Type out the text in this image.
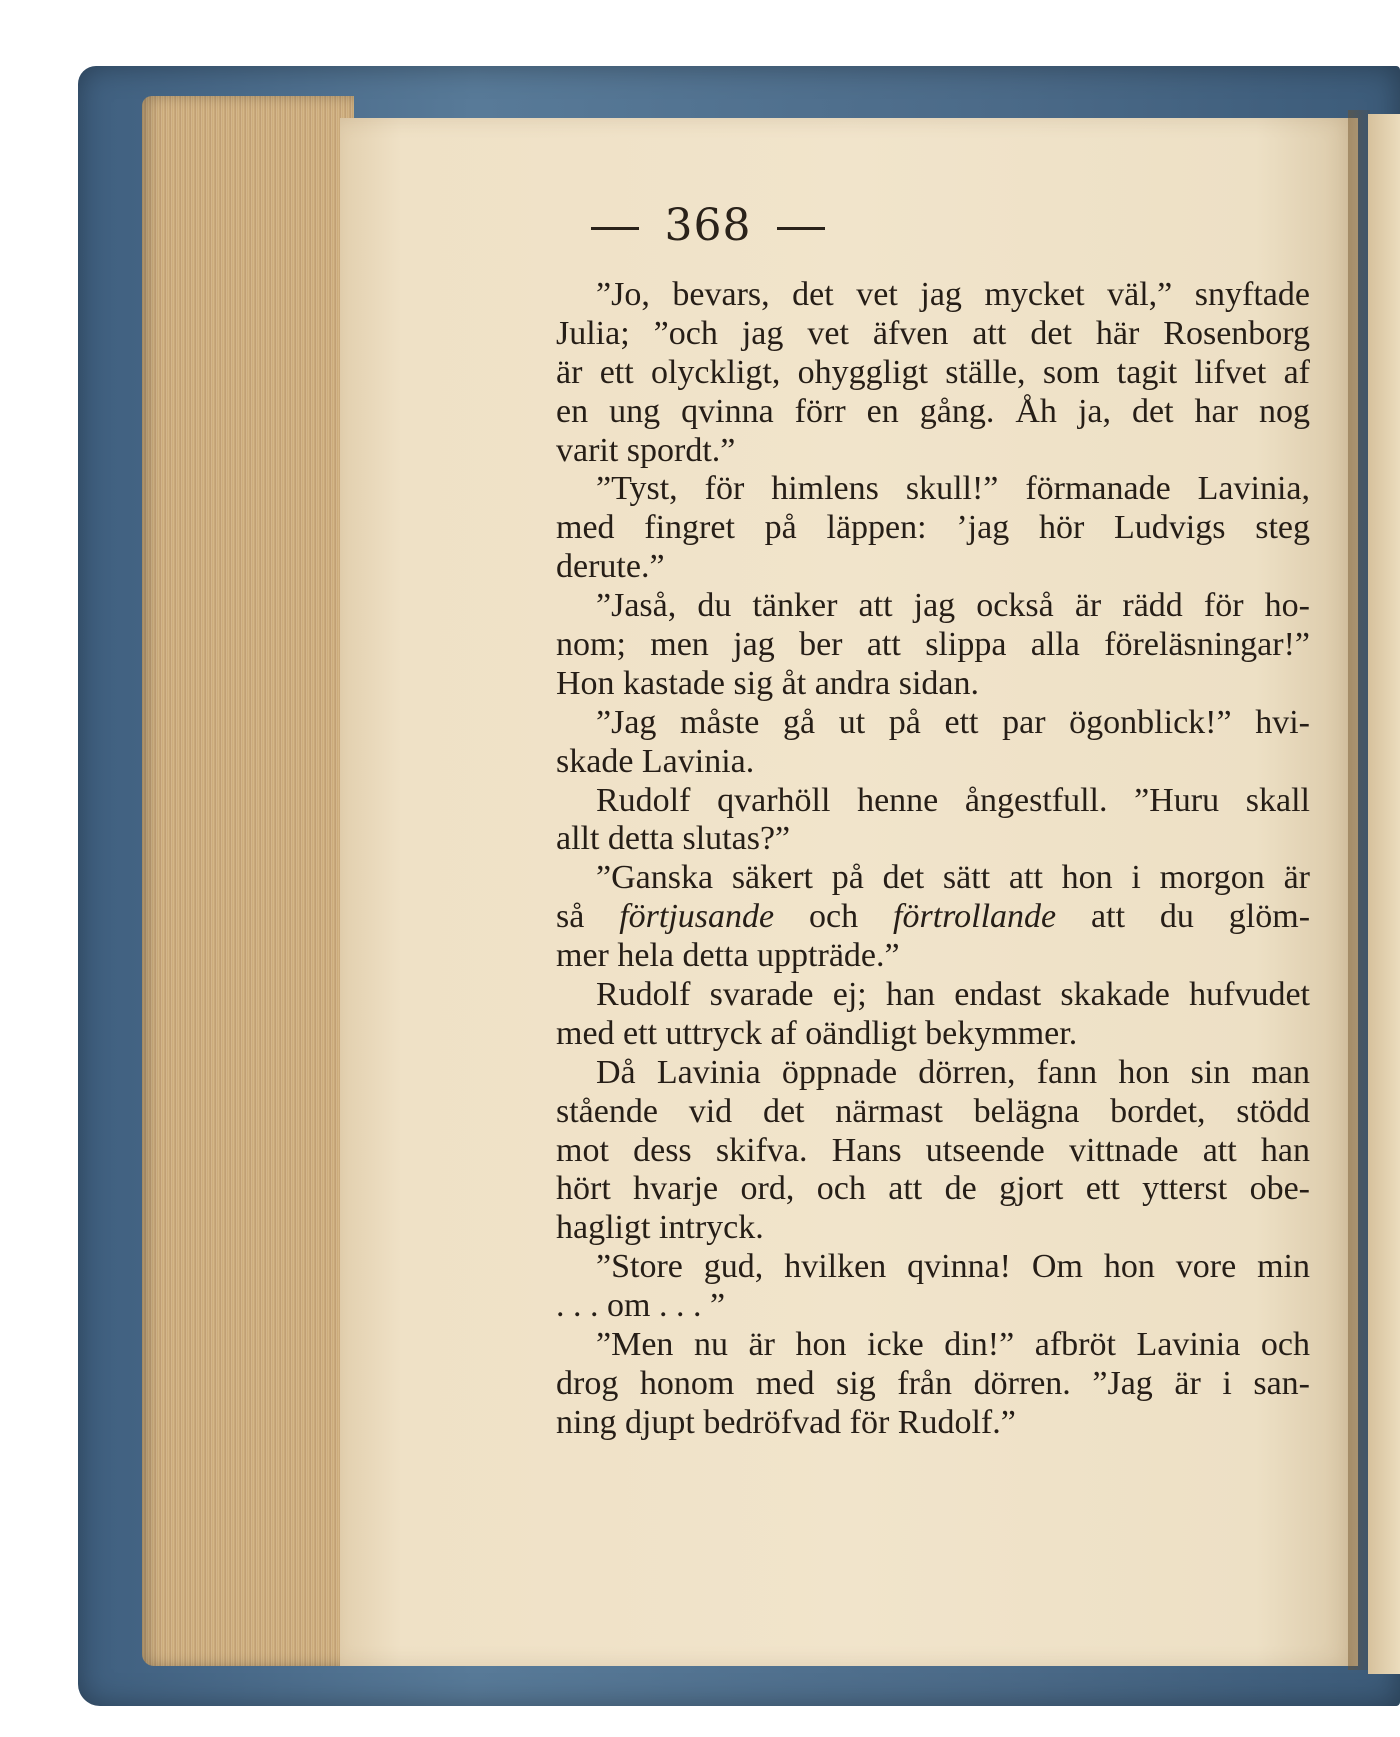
368
”Jo, bevars, det vet jag mycket väl,” snyftade
Julia; ”och jag vet äfven att det här Rosenborg
är ett olyckligt, ohyggligt ställe, som tagit lifvet af
en ung qvinna förr en gång. Åh ja, det har nog
varit spordt.”
”Tyst, för himlens skull!” förmanade Lavinia,
med fingret på läppen: ’jag hör Ludvigs steg
derute.”
”Jaså, du tänker att jag också är rädd för ho-
nom; men jag ber att slippa alla föreläsningar!”
Hon kastade sig åt andra sidan.
”Jag måste gå ut på ett par ögonblick!” hvi-
skade Lavinia.
Rudolf qvarhöll henne ångestfull. ”Huru skall
allt detta slutas?”
”Ganska säkert på det sätt att hon i morgon är
så förtjusande och förtrollande att du glöm-
mer hela detta uppträde.”
Rudolf svarade ej; han endast skakade hufvudet
med ett uttryck af oändligt bekymmer.
Då Lavinia öppnade dörren, fann hon sin man
stående vid det närmast belägna bordet, stödd
mot dess skifva. Hans utseende vittnade att han
hört hvarje ord, och att de gjort ett ytterst obe-
hagligt intryck.
”Store gud, hvilken qvinna! Om hon vore min
. . . om . . . ”
”Men nu är hon icke din!” afbröt Lavinia och
drog honom med sig från dörren. ”Jag är i san-
ning djupt bedröfvad för Rudolf.”
